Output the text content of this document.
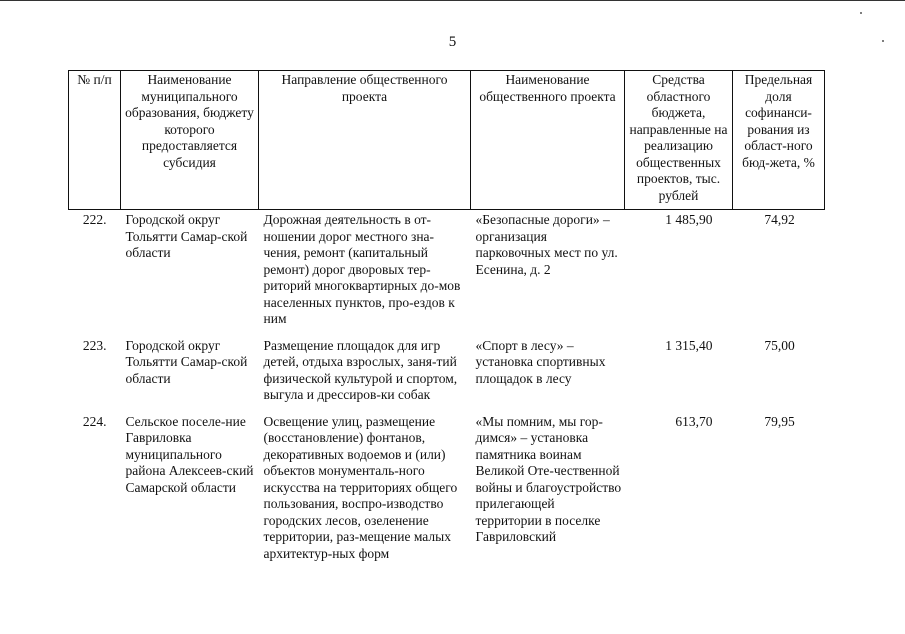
5
№ п/п	Наименование муниципального образования, бюджету которого предоставляется субсидия	Направление общественного проекта	Наименование общественного проекта	Средства областного бюджета, направленные на реализацию общественных проектов, тыс. рублей	Предельная доля софинанси-рования из област-ного бюд-жета, %
222.	Городской округ Тольятти Самар-ской области	Дорожная деятельность в от-ношении дорог местного зна-чения, ремонт (капитальный ремонт) дорог дворовых тер-риторий многоквартирных до-мов населенных пунктов, про-ездов к ним	«Безопасные дороги» – организация парковочных мест по ул. Есенина, д. 2	1 485,90	74,92
223.	Городской округ Тольятти Самар-ской области	Размещение площадок для игр детей, отдыха взрослых, заня-тий физической культурой и спортом, выгула и дрессиров-ки собак	«Спорт в лесу» – установка спортивных площадок в лесу	1 315,40	75,00
224.	Сельское поселе-ние Гавриловка муниципального района Алексеев-ский Самарской области	Освещение улиц, размещение (восстановление) фонтанов, декоративных водоемов и (или) объектов монументаль-ного искусства на территориях общего пользования, воспро-изводство городских лесов, озеленение территории, раз-мещение малых архитектур-ных форм	«Мы помним, мы гор-димся» – установка памятника воинам Великой Оте-чественной войны и благоустройство прилегающей территории в поселке Гавриловский	613,70	79,95
